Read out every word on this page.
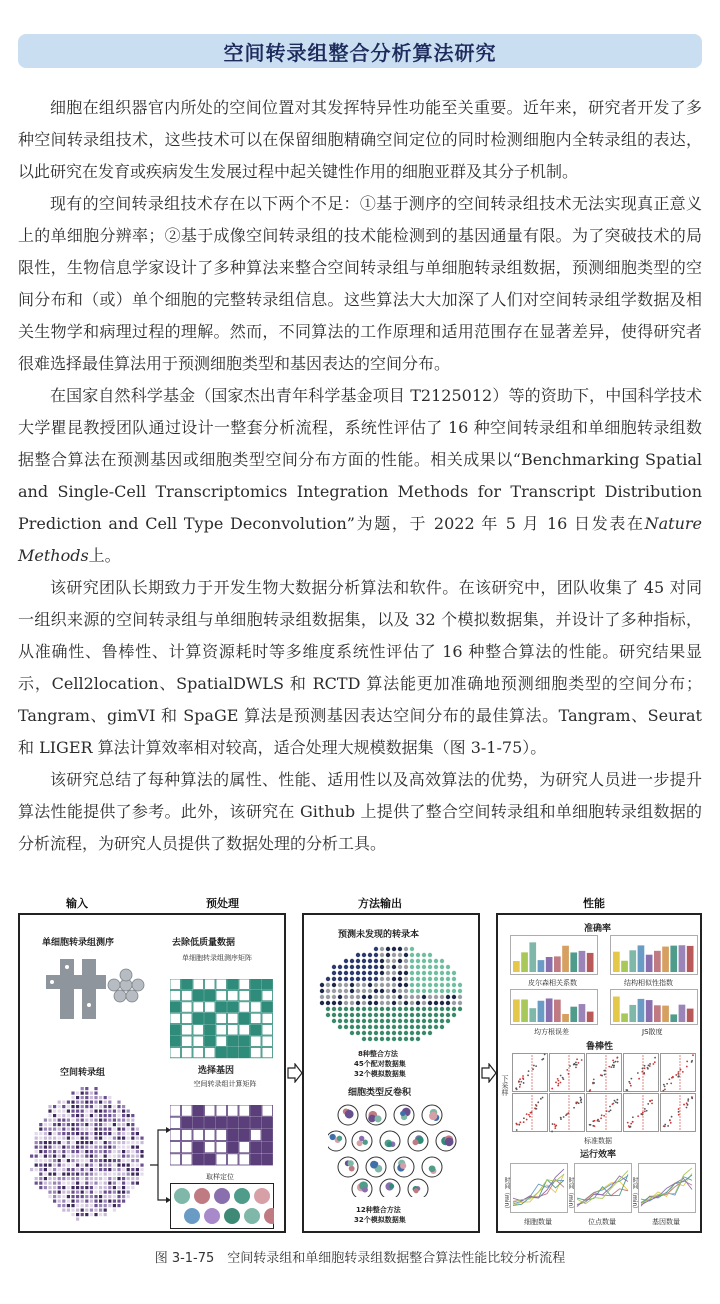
空间转录组整合分析算法研究

细胞在组织器官内所处的空间位置对其发挥特异性功能至关重要。近年来，研究者开发了多种空间转录组技术，这些技术可以在保留细胞精确空间定位的同时检测细胞内全转录组的表达，以此研究在发育或疾病发生发展过程中起关键性作用的细胞亚群及其分子机制。

现有的空间转录组技术存在以下两个不足：①基于测序的空间转录组技术无法实现真正意义上的单细胞分辨率；②基于成像空间转录组的技术能检测到的基因通量有限。为了突破技术的局限性，生物信息学家设计了多种算法来整合空间转录组与单细胞转录组数据，预测细胞类型的空间分布和（或）单个细胞的完整转录组信息。这些算法大大加深了人们对空间转录组学数据及相关生物学和病理过程的理解。然而，不同算法的工作原理和适用范围存在显著差异，使得研究者很难选择最佳算法用于预测细胞类型和基因表达的空间分布。

在国家自然科学基金（国家杰出青年科学基金项目 T2125012）等的资助下，中国科学技术大学瞿昆教授团队通过设计一整套分析流程，系统性评估了 16 种空间转录组和单细胞转录组数据整合算法在预测基因或细胞类型空间分布方面的性能。相关成果以“Benchmarking Spatial and Single-Cell Transcriptomics Integration Methods for Transcript Distribution Prediction and Cell Type Deconvolution”为题，于 2022 年 5 月 16 日发表在Nature Methods上。

该研究团队长期致力于开发生物大数据分析算法和软件。在该研究中，团队收集了 45 对同一组织来源的空间转录组与单细胞转录组数据集，以及 32 个模拟数据集，并设计了多种指标，从准确性、鲁棒性、计算资源耗时等多维度系统性评估了 16 种整合算法的性能。研究结果显示，Cell2location、SpatialDWLS 和 RCTD 算法能更加准确地预测细胞类型的空间分布；Tangram、gimVI 和 SpaGE 算法是预测基因表达空间分布的最佳算法。Tangram、Seurat 和 LIGER 算法计算效率相对较高，适合处理大规模数据集（图 3-1-75）。

该研究总结了每种算法的属性、性能、适用性以及高效算法的优势，为研究人员进一步提升算法性能提供了参考。此外，该研究在 Github 上提供了整合空间转录组和单细胞转录组数据的分析流程，为研究人员提供了数据处理的分析工具。

输入	预处理	方法输出	性能
单细胞转录组测序
空间转录组
去除低质量数据
单细胞转录组测序矩阵
选择基因
空间转录组计算矩阵
取样定位
预测未发现的转录本
8种整合方法
45个配对数据集
32个模拟数据集
细胞类型反卷积
12种整合方法
32个模拟数据集
准确率
皮尔森相关系数	结构相似性指数
均方根误差	JS散度
鲁棒性
下采样
标准数据
运行效率
时间（min）	时间（min）	时间（min）
细胞数量	位点数量	基因数量
图 3-1-75　空间转录组和单细胞转录组数据整合算法性能比较分析流程
